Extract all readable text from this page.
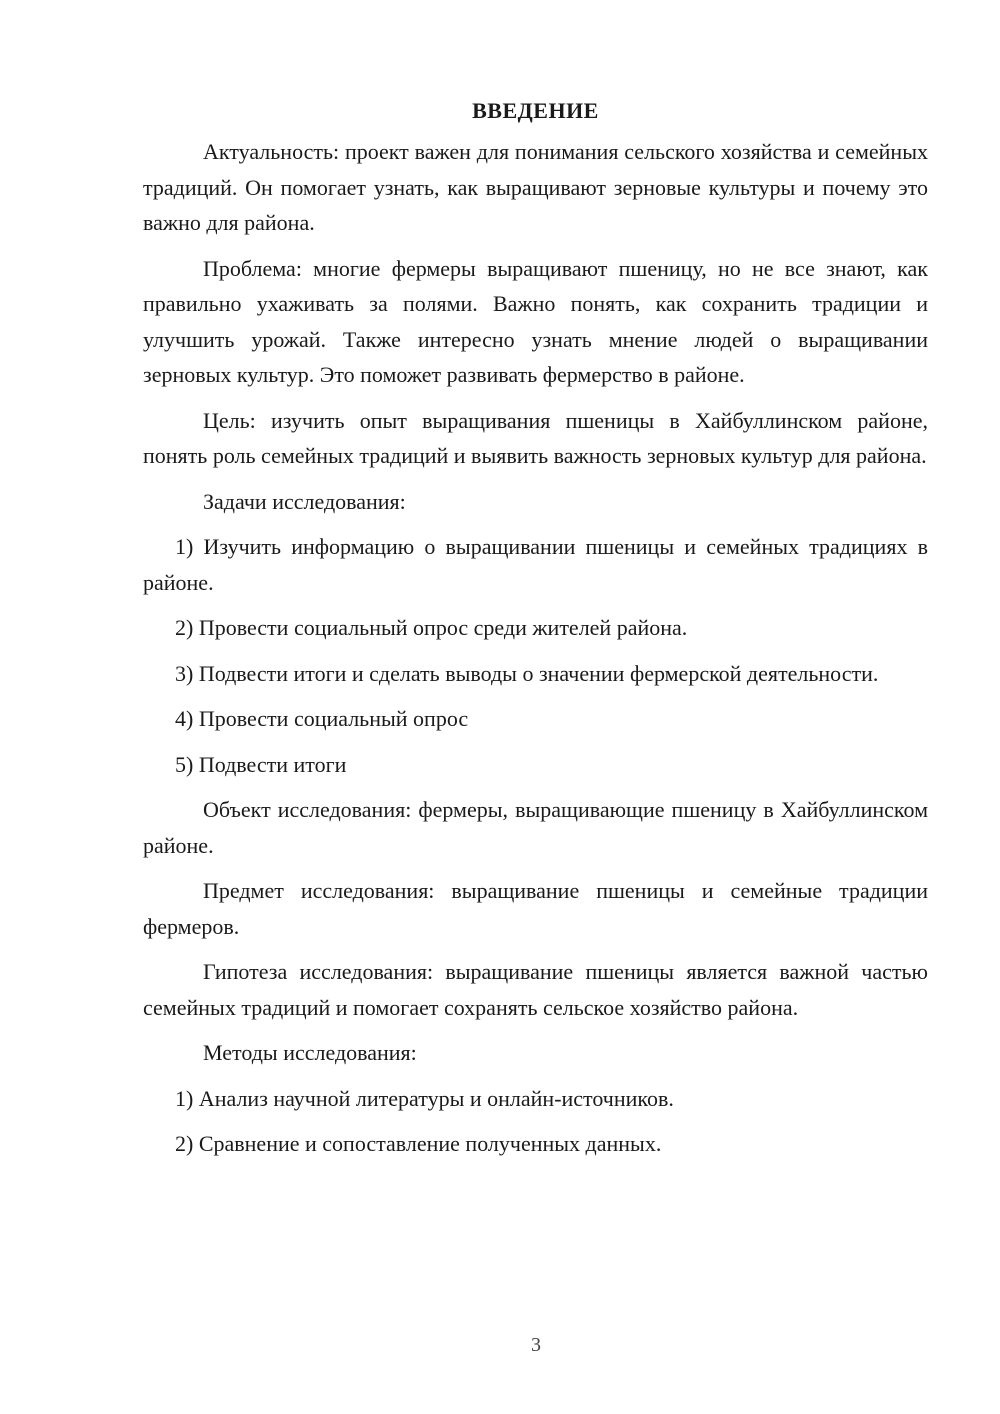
ВВЕДЕНИЕ

Актуальность: проект важен для понимания сельского хозяйства и семейных традиций. Он помогает узнать, как выращивают зерновые культуры и почему это важно для района.

Проблема: многие фермеры выращивают пшеницу, но не все знают, как правильно ухаживать за полями. Важно понять, как сохранить традиции и улучшить урожай. Также интересно узнать мнение людей о выращивании зерновых культур. Это поможет развивать фермерство в районе.

Цель: изучить опыт выращивания пшеницы в Хайбуллинском районе, понять роль семейных традиций и выявить важность зерновых культур для района.

Задачи исследования:

1) Изучить информацию о выращивании пшеницы и семейных традициях в районе.

2) Провести социальный опрос среди жителей района.

3) Подвести итоги и сделать выводы о значении фермерской деятельности.

4) Провести социальный опрос

5) Подвести итоги

Объект исследования: фермеры, выращивающие пшеницу в Хайбуллинском районе.

Предмет исследования: выращивание пшеницы и семейные традиции фермеров.

Гипотеза исследования: выращивание пшеницы является важной частью семейных традиций и помогает сохранять сельское хозяйство района.

Методы исследования:

1) Анализ научной литературы и онлайн-источников.

2) Сравнение и сопоставление полученных данных.

3
